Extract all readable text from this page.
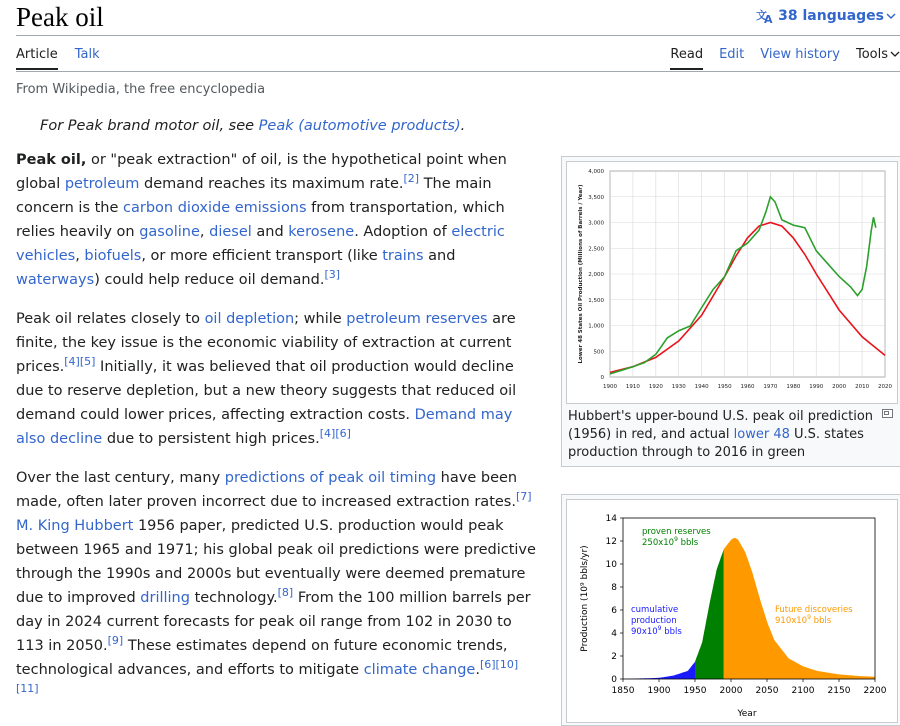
Peak oil	文
A 38 languages
Article Talk	Read Edit View history Tools
From Wikipedia, the free encyclopedia
For Peak brand motor oil, see Peak (automotive products).

Peak oil, or "peak extraction" of oil, is the hypothetical point when global petroleum demand reaches its maximum rate.[2] The main concern is the carbon dioxide emissions from transportation, which relies heavily on gasoline, diesel and kerosene. Adoption of electric vehicles, biofuels, or more efficient transport (like trains and waterways) could help reduce oil demand.[3]

Peak oil relates closely to oil depletion; while petroleum reserves are finite, the key issue is the economic viability of extraction at current prices.[4][5] Initially, it was believed that oil production would decline due to reserve depletion, but a new theory suggests that reduced oil demand could lower prices, affecting extraction costs. Demand may also decline due to persistent high prices.[4][6]

Over the last century, many predictions of peak oil timing have been made, often later proven incorrect due to increased extraction rates.[7] M. King Hubbert 1956 paper, predicted U.S. production would peak between 1965 and 1971; his global peak oil predictions were predictive through the 1990s and 2000s but eventually were deemed premature due to improved drilling technology.[8] From the 100 million barrels per day in 2024 current forecasts for peak oil range from 102 in 2030 to 113 in 2050.[9] These estimates depend on future economic trends, technological advances, and efforts to mitigate climate change.[6][10][11]

1900 1910 1920 1930 1940 1950 1960 1970 1980 1990 2000 2010 2020
0
500
1,000
1,500
2,000
2,500
3,000
3,500
4,000
Lower 48 States Oil Production (Millions of Barrels / Year)
Hubbert's upper-bound U.S. peak oil prediction (1956) in red, and actual lower 48 U.S. states production through to 2016 in green
1850 1900 1950 2000 2050 2100 2150 2200
0
2
4
6
8
10
12
14
Year
Production (10⁹ bbls/yr)
proven reserves
$250x10^9$ bbls
cumulative
production
$90x10^9$ bbls
Future discoveries
$910x10^9$ bbls
